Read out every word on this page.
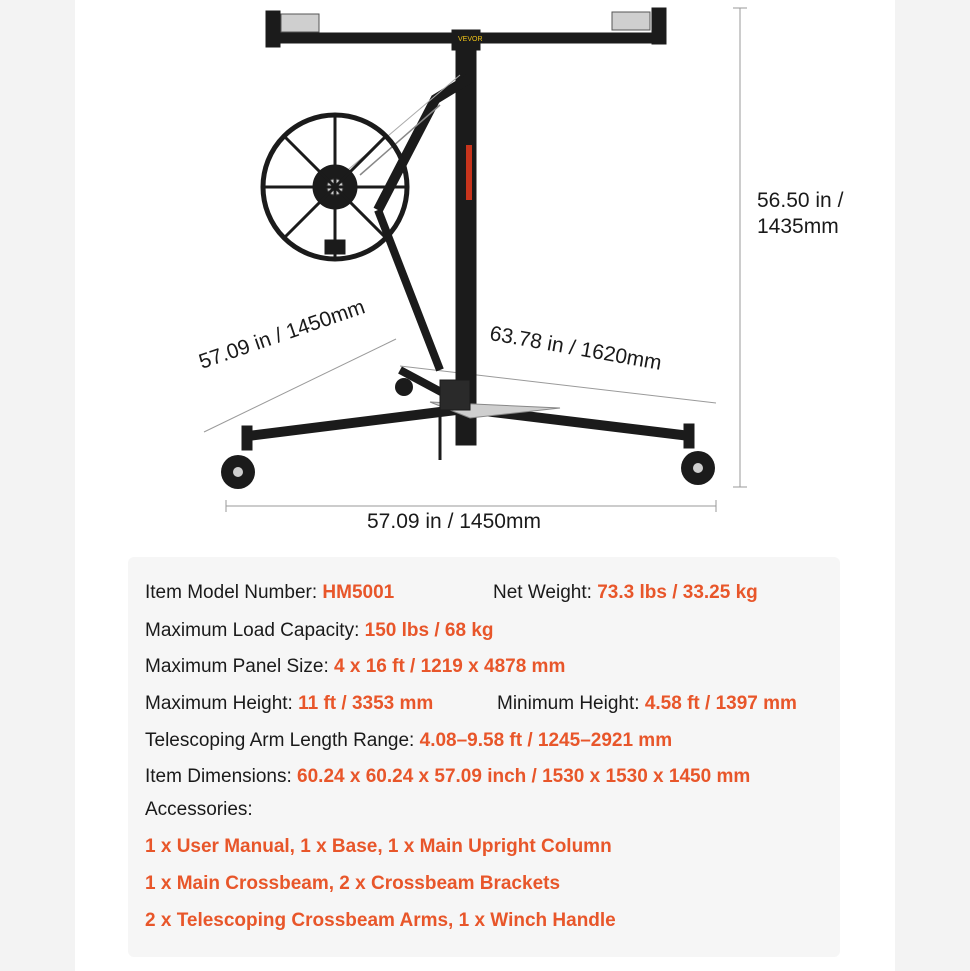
VEVOR
56.50 in /
1435mm
57.09 in / 1450mm	63.78 in / 1620mm
57.09 in / 1450mm
Item Model Number: HM5001	Net Weight: 73.3 lbs / 33.25 kg
Maximum Load Capacity: 150 lbs / 68 kg
Maximum Panel Size: 4 x 16 ft / 1219 x 4878 mm
Maximum Height: 11 ft / 3353 mm	Minimum Height: 4.58 ft / 1397 mm
Telescoping Arm Length Range: 4.08–9.58 ft / 1245–2921 mm
Item Dimensions: 60.24 x 60.24 x 57.09 inch / 1530 x 1530 x 1450 mm
Accessories:
1 x User Manual, 1 x Base, 1 x Main Upright Column
1 x Main Crossbeam, 2 x Crossbeam Brackets
2 x Telescoping Crossbeam Arms, 1 x Winch Handle
